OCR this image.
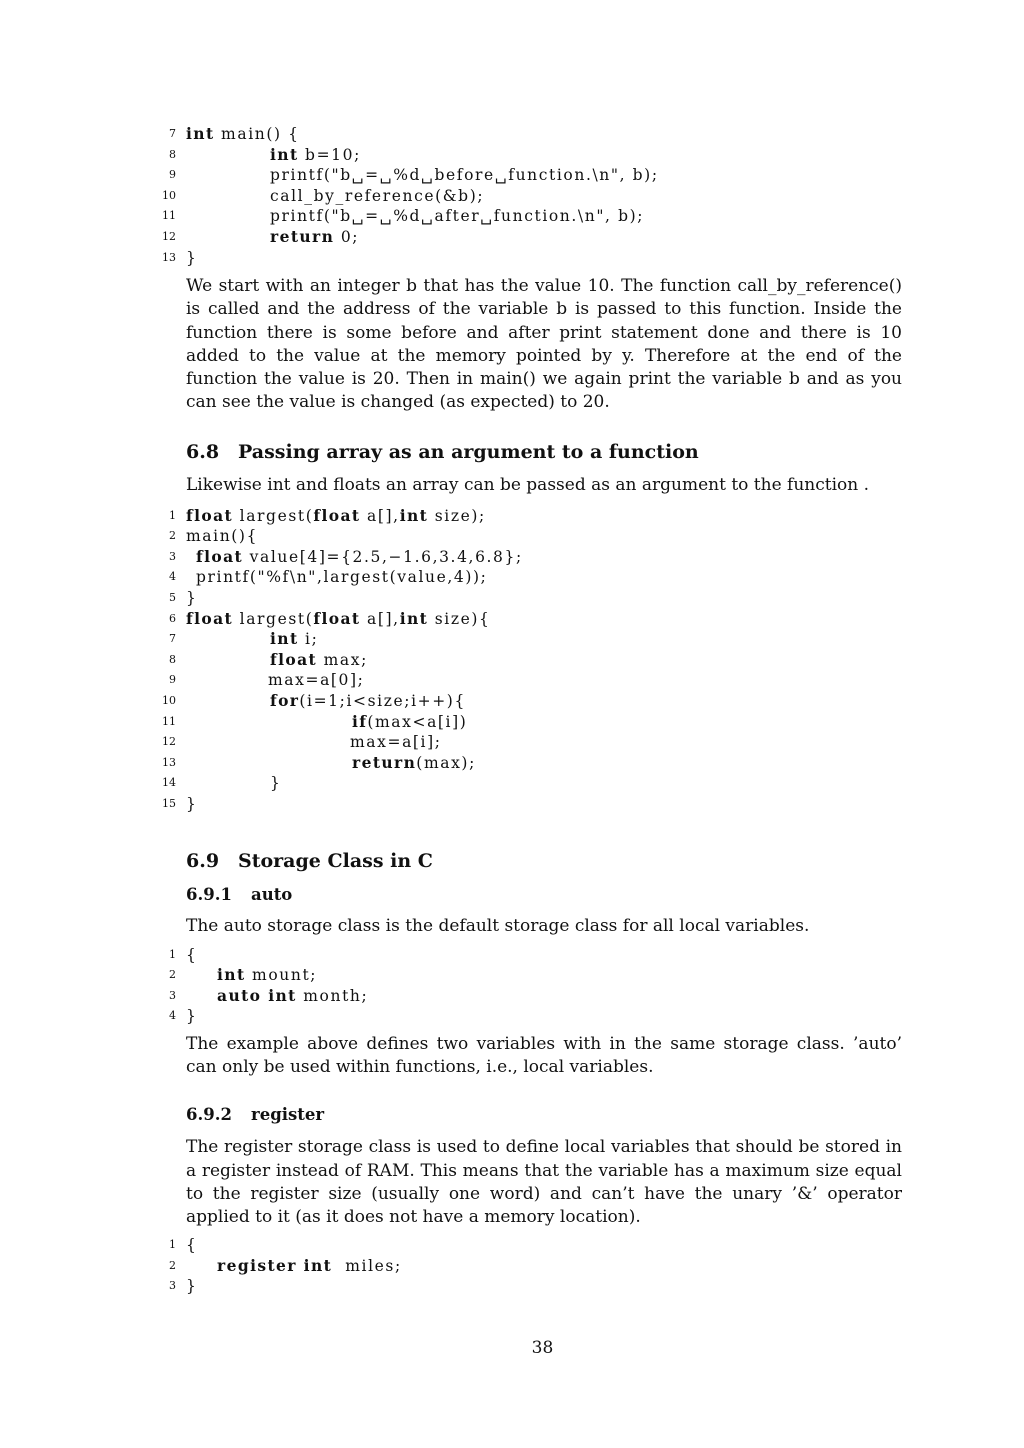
7 int main() {
8	int b=10;
9	printf("b␣=␣%d␣before␣function.\n", b);
10	call_by_reference(&b);
11	printf("b␣=␣%d␣after␣function.\n", b);
12	return 0;
13 }

We start with an integer b that has the value 10. The function call_by_reference() is called and the address of the variable b is passed to this function. Inside the function there is some before and after print statement done and there is 10 added to the value at the memory pointed by y. Therefore at the end of the function the value is 20. Then in main() we again print the variable b and as you can see the value is changed (as expected) to 20.

6.8 Passing array as an argument to a function

Likewise int and floats an array can be passed as an argument to the function .

1 float largest(float a[],int size);
2 main(){
3 float value[4]={2.5,−1.6,3.4,6.8};
4 printf("%f\n",largest(value,4));
5 }
6 float largest(float a[],int size){
7	int i;
8	float max;
9	max=a[0];
10	for(i=1;i<size;i++){
11	if(max<a[i])
12	max=a[i];
13	return(max);
14	}
15 }
6.9 Storage Class in C
6.9.1 auto

The auto storage class is the default storage class for all local variables.

1 {
2	int mount;
3	auto int month;
4 }

The example above defines two variables with in the same storage class. ’auto’ can only be used within functions, i.e., local variables.

6.9.2 register

The register storage class is used to define local variables that should be stored in a register instead of RAM. This means that the variable has a maximum size equal to the register size (usually one word) and can’t have the unary ’&’ operator applied to it (as it does not have a memory location).

1 {
2	register int  miles;
3 }
38
